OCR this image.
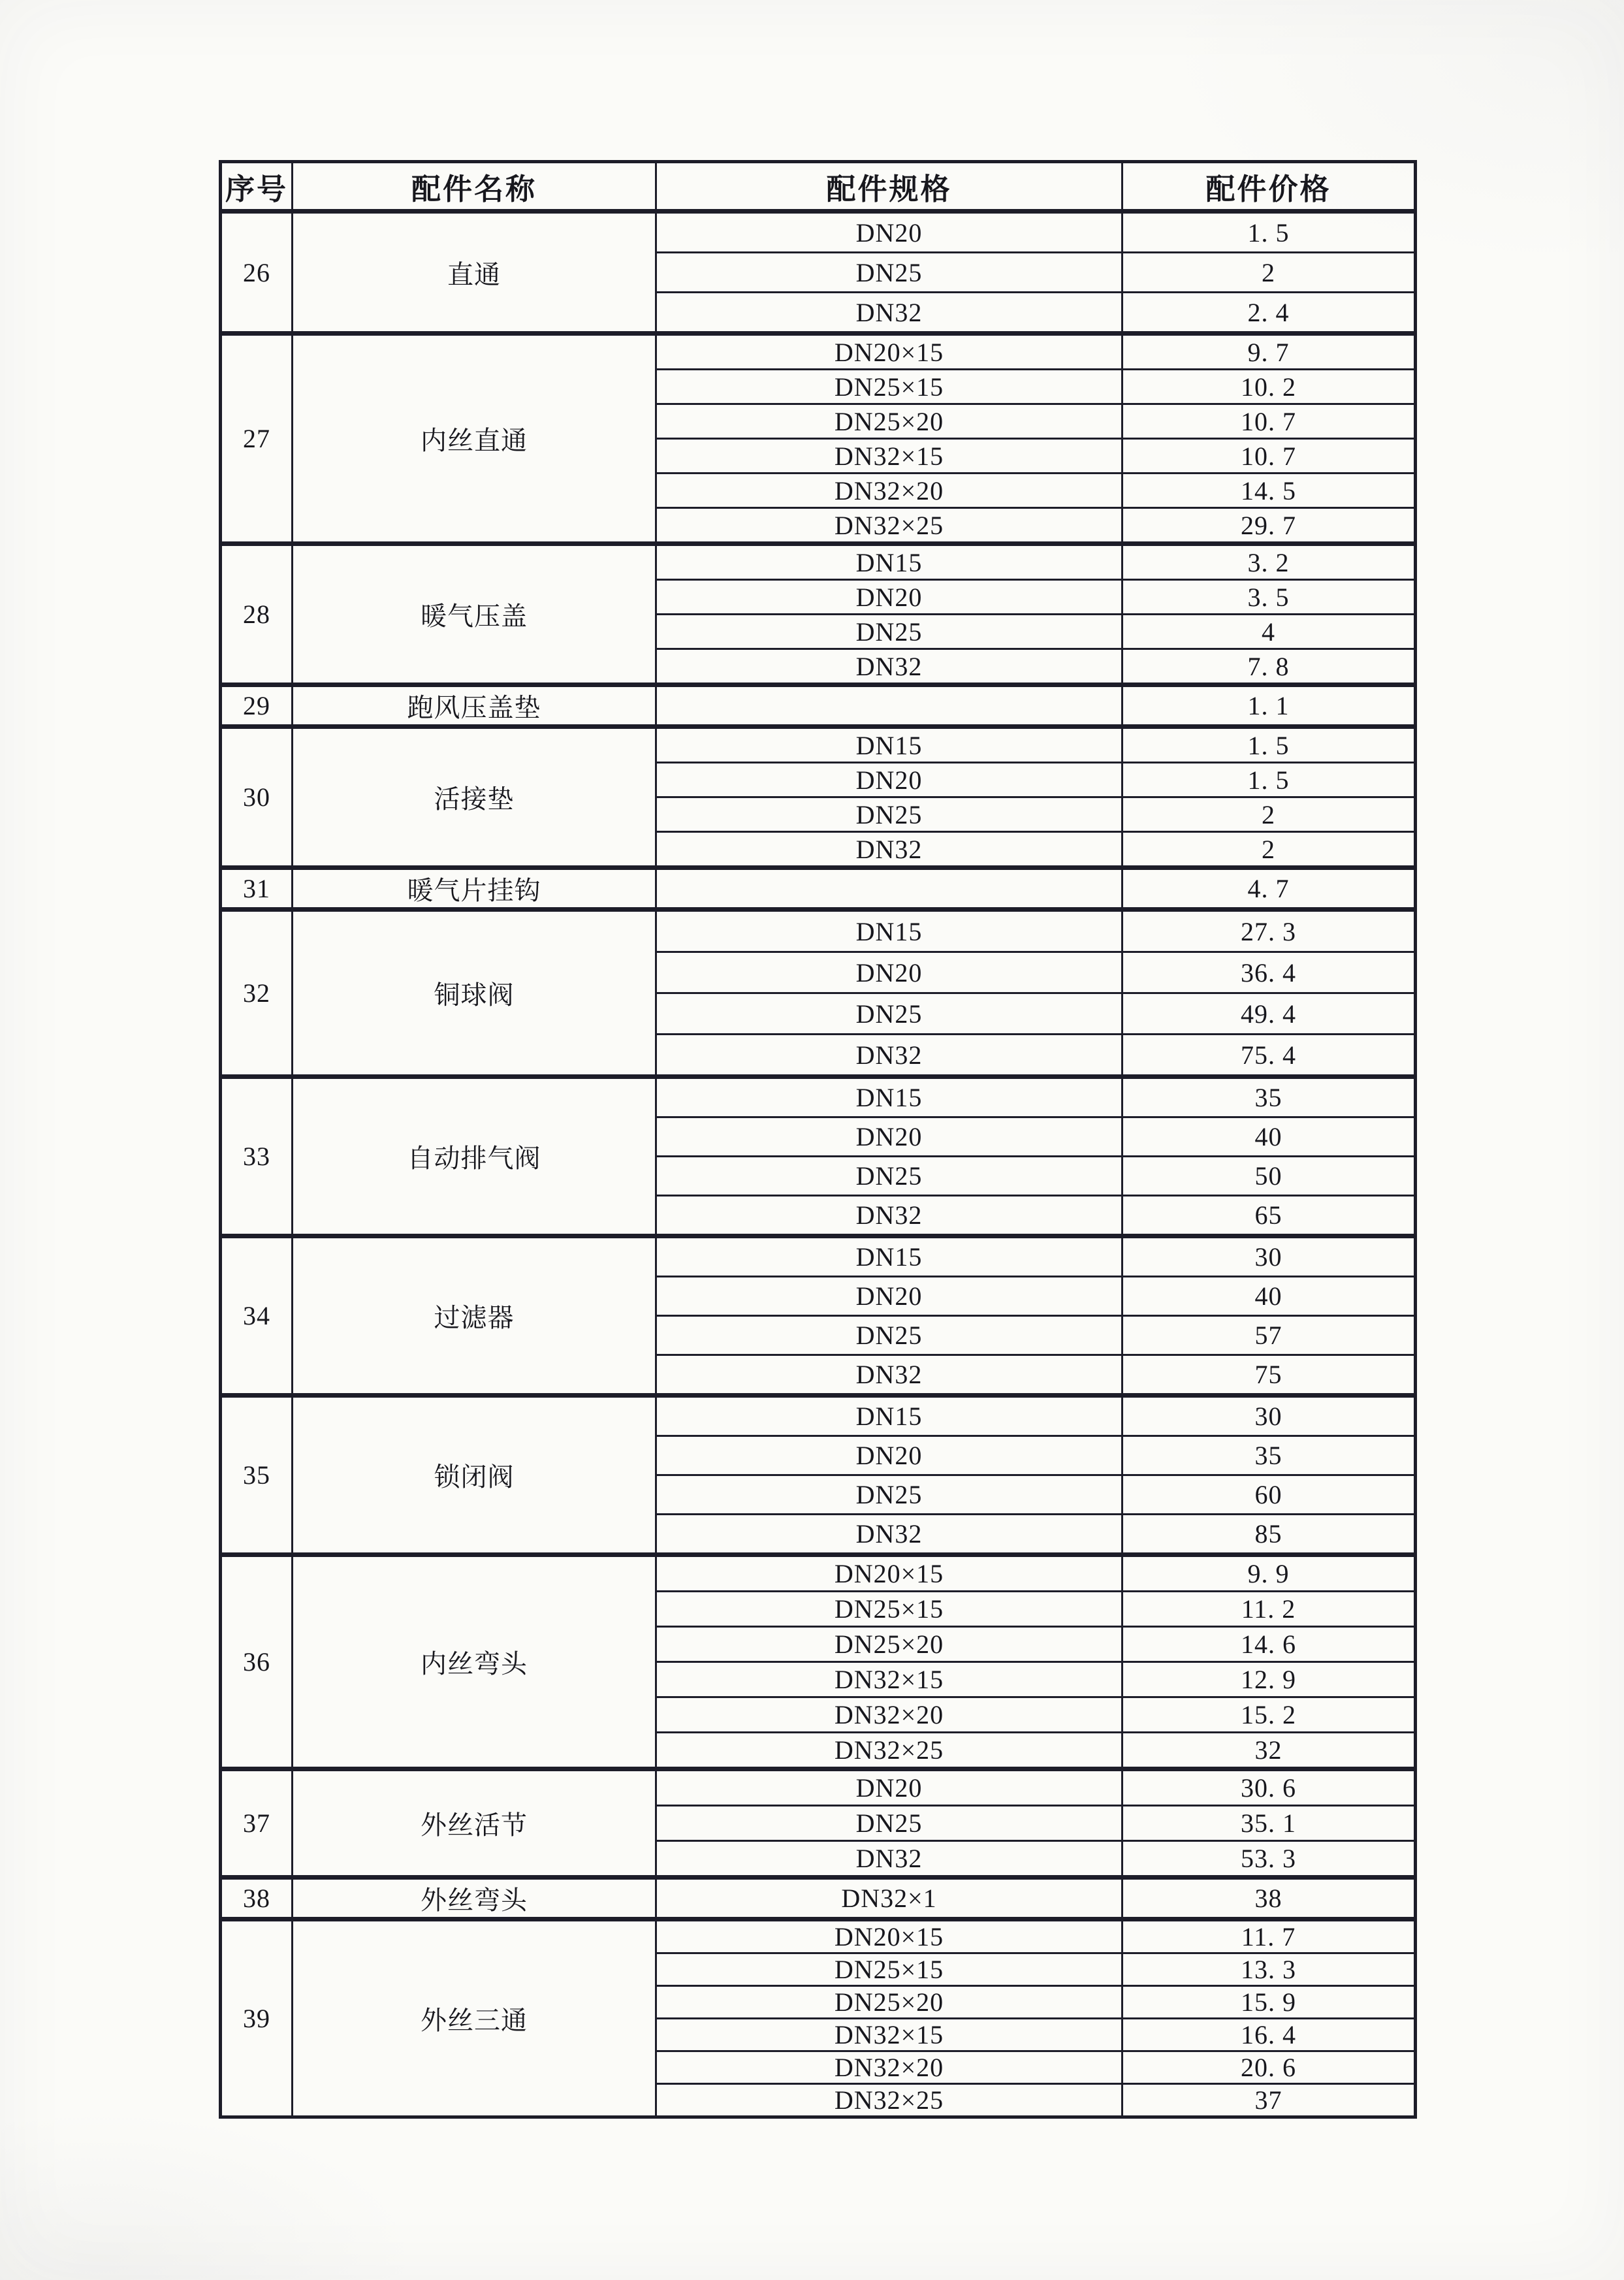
序号	配件名称	配件规格	配件价格
26	直通	DN20	1. 5
		DN25	2
		DN32	2. 4
27	内丝直通	DN20×15	9. 7
		DN25×15	10. 2
		DN25×20	10. 7
		DN32×15	10. 7
		DN32×20	14. 5
		DN32×25	29. 7
28	暖气压盖	DN15	3. 2
		DN20	3. 5
		DN25	4
		DN32	7. 8
29	跑风压盖垫		1. 1
30	活接垫	DN15	1. 5
		DN20	1. 5
		DN25	2
		DN32	2
31	暖气片挂钩		4. 7
32	铜球阀	DN15	27. 3
		DN20	36. 4
		DN25	49. 4
		DN32	75. 4
33	自动排气阀	DN15	35
		DN20	40
		DN25	50
		DN32	65
34	过滤器	DN15	30
		DN20	40
		DN25	57
		DN32	75
35	锁闭阀	DN15	30
		DN20	35
		DN25	60
		DN32	85
36	内丝弯头	DN20×15	9. 9
		DN25×15	11. 2
		DN25×20	14. 6
		DN32×15	12. 9
		DN32×20	15. 2
		DN32×25	32
37	外丝活节	DN20	30. 6
		DN25	35. 1
		DN32	53. 3
38	外丝弯头	DN32×1	38
39	外丝三通	DN20×15	11. 7
		DN25×15	13. 3
		DN25×20	15. 9
		DN32×15	16. 4
		DN32×20	20. 6
		DN32×25	37
